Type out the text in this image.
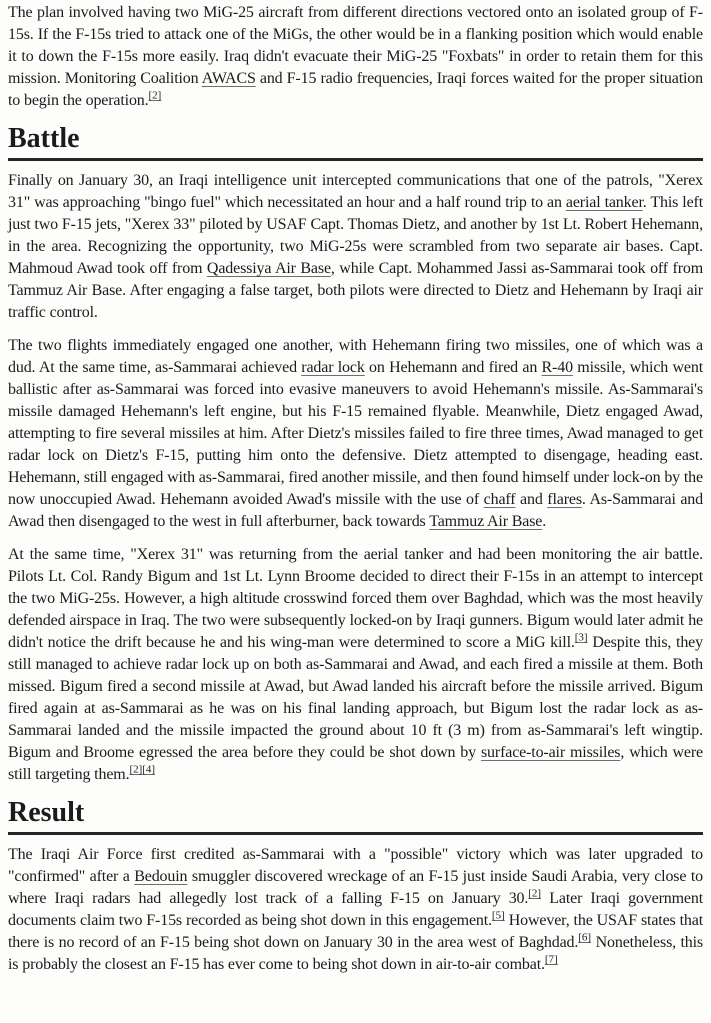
The plan involved having two MiG-25 aircraft from different directions vectored onto an isolated group of F-15s. If the F-15s tried to attack one of the MiGs, the other would be in a flanking position which would enable it to down the F-15s more easily. Iraq didn't evacuate their MiG-25 "Foxbats" in order to retain them for this mission. Monitoring Coalition AWACS and F-15 radio frequencies, Iraqi forces waited for the proper situation to begin the operation.[2]

Battle

Finally on January 30, an Iraqi intelligence unit intercepted communications that one of the patrols, "Xerex 31" was approaching "bingo fuel" which necessitated an hour and a half round trip to an aerial tanker. This left just two F-15 jets, "Xerex 33" piloted by USAF Capt. Thomas Dietz, and another by 1st Lt. Robert Hehemann, in the area. Recognizing the opportunity, two MiG-25s were scrambled from two separate air bases. Capt. Mahmoud Awad took off from Qadessiya Air Base, while Capt. Mohammed Jassi as-Sammarai took off from Tammuz Air Base. After engaging a false target, both pilots were directed to Dietz and Hehemann by Iraqi air traffic control.

The two flights immediately engaged one another, with Hehemann firing two missiles, one of which was a dud. At the same time, as-Sammarai achieved radar lock on Hehemann and fired an R-40 missile, which went ballistic after as-Sammarai was forced into evasive maneuvers to avoid Hehemann's missile. As-Sammarai's missile damaged Hehemann's left engine, but his F-15 remained flyable. Meanwhile, Dietz engaged Awad, attempting to fire several missiles at him. After Dietz's missiles failed to fire three times, Awad managed to get radar lock on Dietz's F-15, putting him onto the defensive. Dietz attempted to disengage, heading east. Hehemann, still engaged with as-Sammarai, fired another missile, and then found himself under lock-on by the now unoccupied Awad. Hehemann avoided Awad's missile with the use of chaff and flares. As-Sammarai and Awad then disengaged to the west in full afterburner, back towards Tammuz Air Base.

At the same time, "Xerex 31" was returning from the aerial tanker and had been monitoring the air battle. Pilots Lt. Col. Randy Bigum and 1st Lt. Lynn Broome decided to direct their F-15s in an attempt to intercept the two MiG-25s. However, a high altitude crosswind forced them over Baghdad, which was the most heavily defended airspace in Iraq. The two were subsequently locked-on by Iraqi gunners. Bigum would later admit he didn't notice the drift because he and his wing-man were determined to score a MiG kill.[3] Despite this, they still managed to achieve radar lock up on both as-Sammarai and Awad, and each fired a missile at them. Both missed. Bigum fired a second missile at Awad, but Awad landed his aircraft before the missile arrived. Bigum fired again at as-Sammarai as he was on his final landing approach, but Bigum lost the radar lock as as-Sammarai landed and the missile impacted the ground about 10 ft (3 m) from as-Sammarai's left wingtip. Bigum and Broome egressed the area before they could be shot down by surface-to-air missiles, which were still targeting them.[2][4]

Result

The Iraqi Air Force first credited as-Sammarai with a "possible" victory which was later upgraded to "confirmed" after a Bedouin smuggler discovered wreckage of an F-15 just inside Saudi Arabia, very close to where Iraqi radars had allegedly lost track of a falling F-15 on January 30.[2] Later Iraqi government documents claim two F-15s recorded as being shot down in this engagement.[5] However, the USAF states that there is no record of an F-15 being shot down on January 30 in the area west of Baghdad.[6] Nonetheless, this is probably the closest an F-15 has ever come to being shot down in air-to-air combat.[7]
